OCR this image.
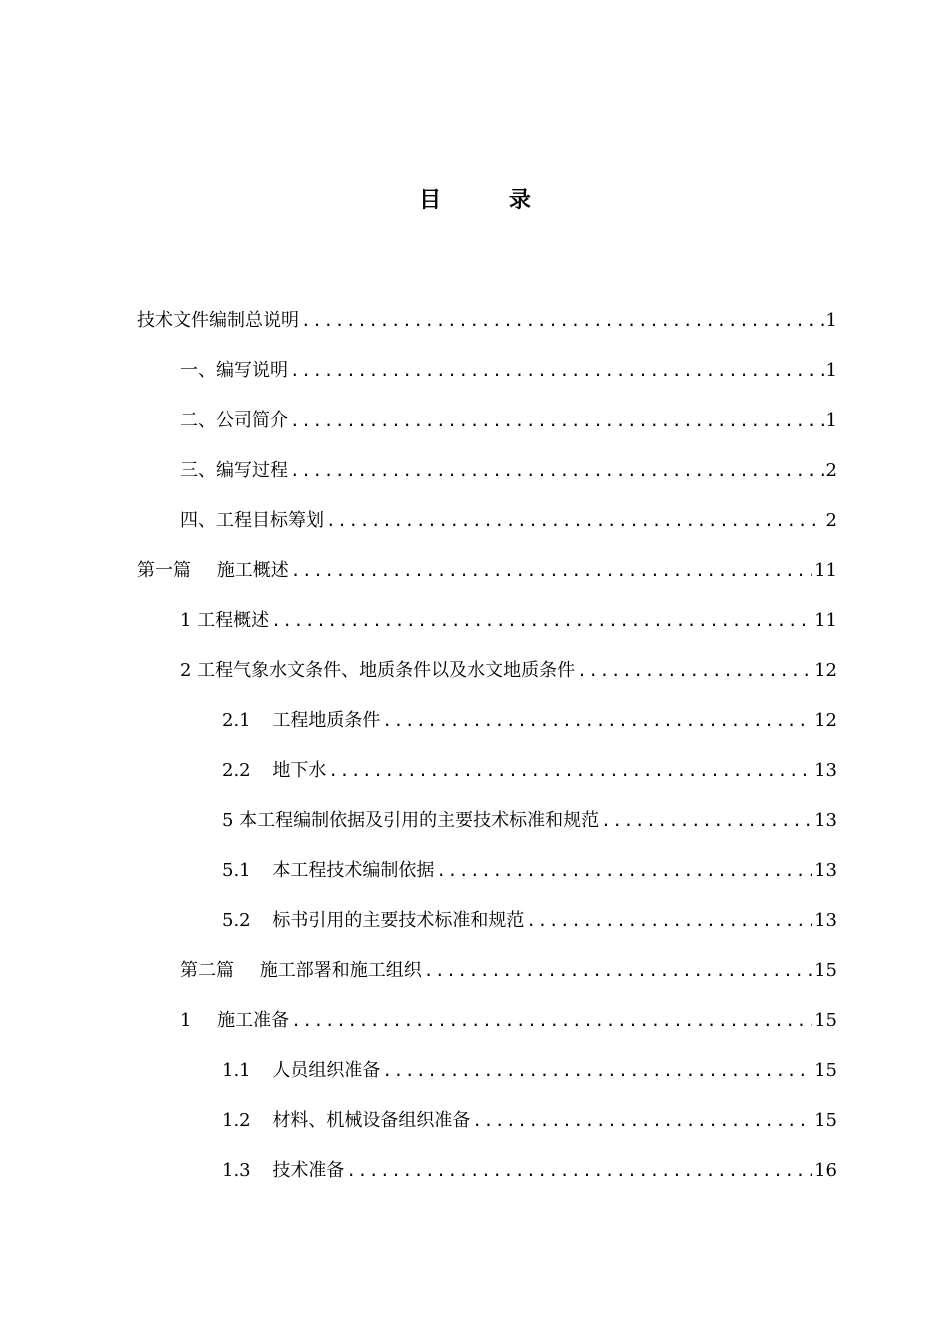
目 录
技术文件编制总说明 .....	1
一、编写说明 .....	1
二、公司简介 .....	1
三、编写过程 .....	2
四、工程目标筹划 .....	2
第一篇 施工概述 .....	11
1 工程概述 .....	11
2 工程气象水文条件、地质条件以及水文地质条件 .....	12
2.1 工程地质条件 .....	12
2.2 地下水 .....	13
5 本工程编制依据及引用的主要技术标准和规范 .....	13
5.1 本工程技术编制依据 .....	13
5.2 标书引用的主要技术标准和规范 .....	13
第二篇 施工部署和施工组织 .....	15
1 施工准备 .....	15
1.1 人员组织准备 .....	15
1.2 材料、机械设备组织准备 .....	15
1.3 技术准备 .....	16
